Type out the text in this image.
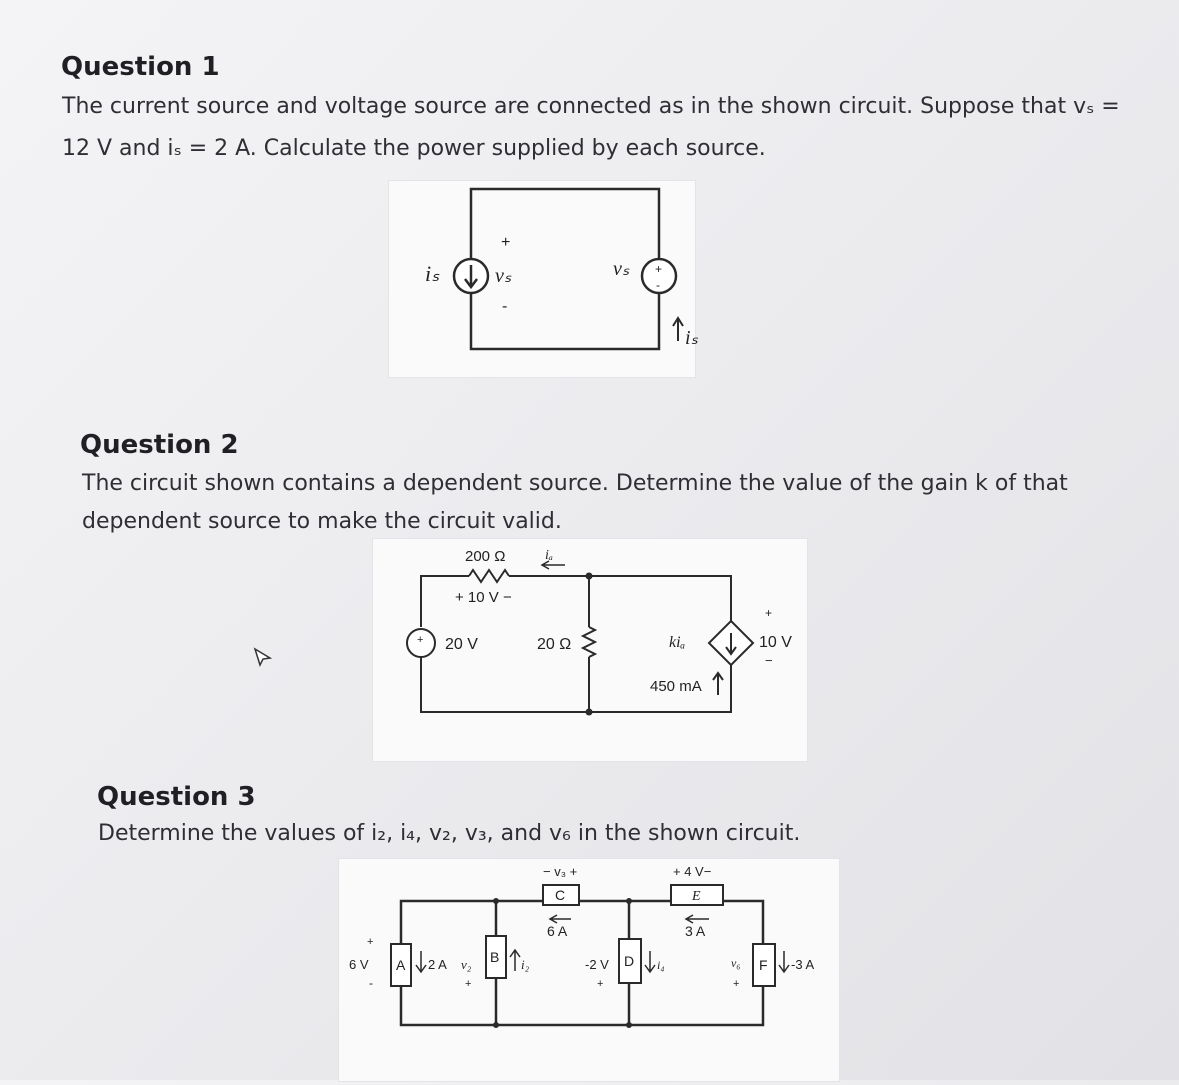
Question 1

The current source and voltage source are connected as in the shown circuit. Suppose that vₛ =

12 V and iₛ = 2 A. Calculate the power supplied by each source.

iₛ
+
vₛ
-
+
-
vₛ
iₛ
Question 2

The circuit shown contains a dependent source. Determine the value of the gain k of that

dependent source to make the circuit valid.

+
200 Ω	iₐ
+ 10 V −
20 V	20 Ω	kiₐ
+
10 V
−
450 mA
Question 3

Determine the values of i₂, i₄, v₂, v₃, and v₆ in the shown circuit.

C	E
A	B	D	F
− v₃ +	+ 4 V−
6 A	3 A
+
6 V
-
2 A v₂
+
i₂	-2 V
+
i₄	v₆
+
-3 A
